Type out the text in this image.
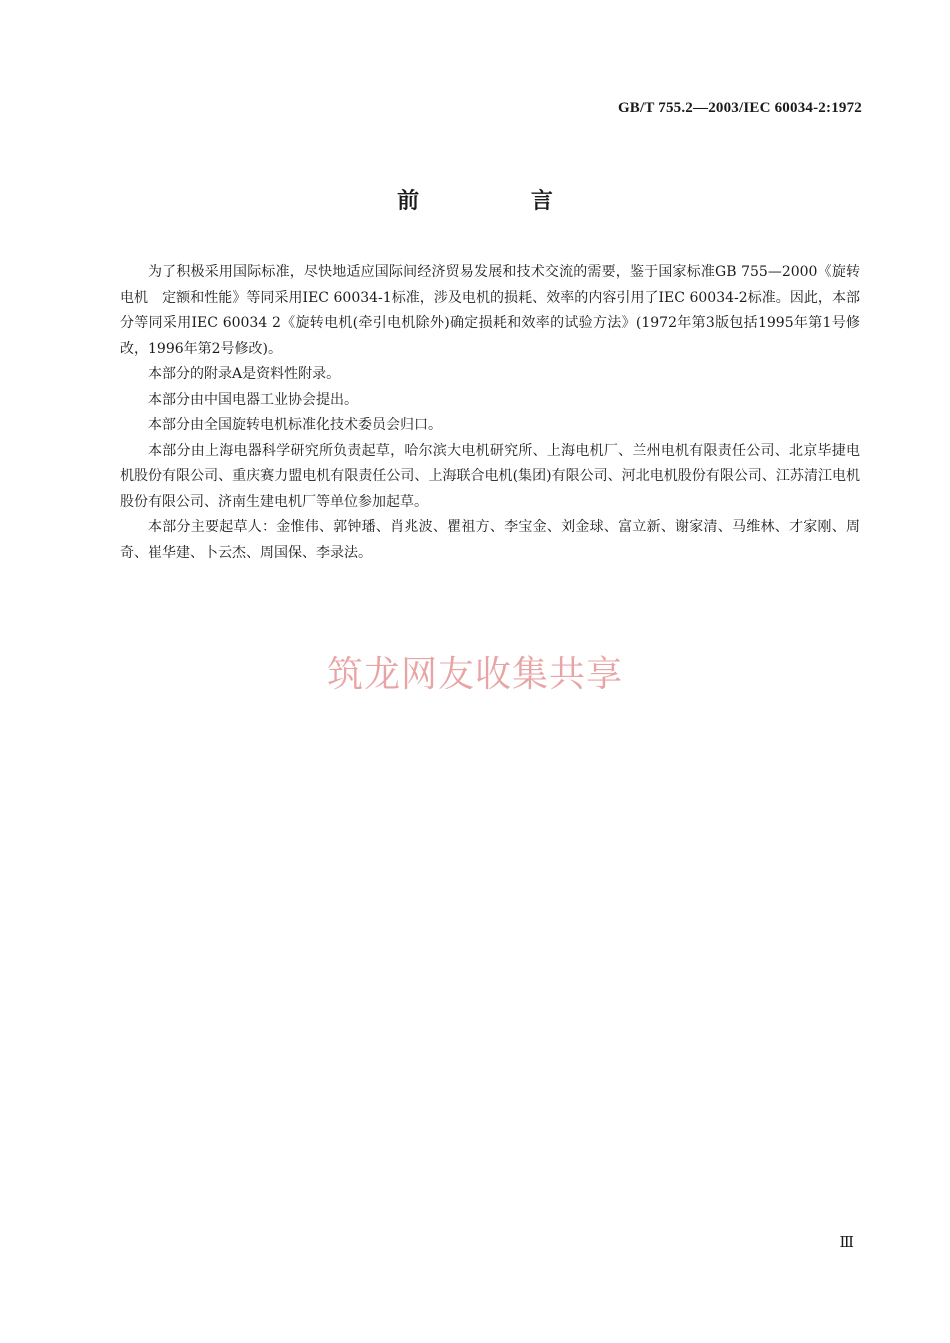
GB/T 755.2—2003/IEC 60034-2:1972
前 言

为了积极采用国际标准，尽快地适应国际间经济贸易发展和技术交流的需要，鉴于国家标准GB 755—2000《旋转电机　定额和性能》等同采用IEC 60034-1标准，涉及电机的损耗、效率的内容引用了IEC 60034-2标准。因此，本部分等同采用IEC 60034 2《旋转电机(牵引电机除外)确定损耗和效率的试验方法》(1972年第3版包括1995年第1号修改，1996年第2号修改)。

本部分的附录A是资料性附录。

本部分由中国电器工业协会提出。

本部分由全国旋转电机标准化技术委员会归口。

本部分由上海电器科学研究所负责起草，哈尔滨大电机研究所、上海电机厂、兰州电机有限责任公司、北京毕捷电机股份有限公司、重庆赛力盟电机有限责任公司、上海联合电机(集团)有限公司、河北电机股份有限公司、江苏清江电机股份有限公司、济南生建电机厂等单位参加起草。

本部分主要起草人：金惟伟、郭钟璠、肖兆波、瞿祖方、李宝金、刘金球、富立新、谢家清、马维林、才家刚、周奇、崔华建、卜云杰、周国保、李录法。

筑龙网友收集共享
Ⅲ
